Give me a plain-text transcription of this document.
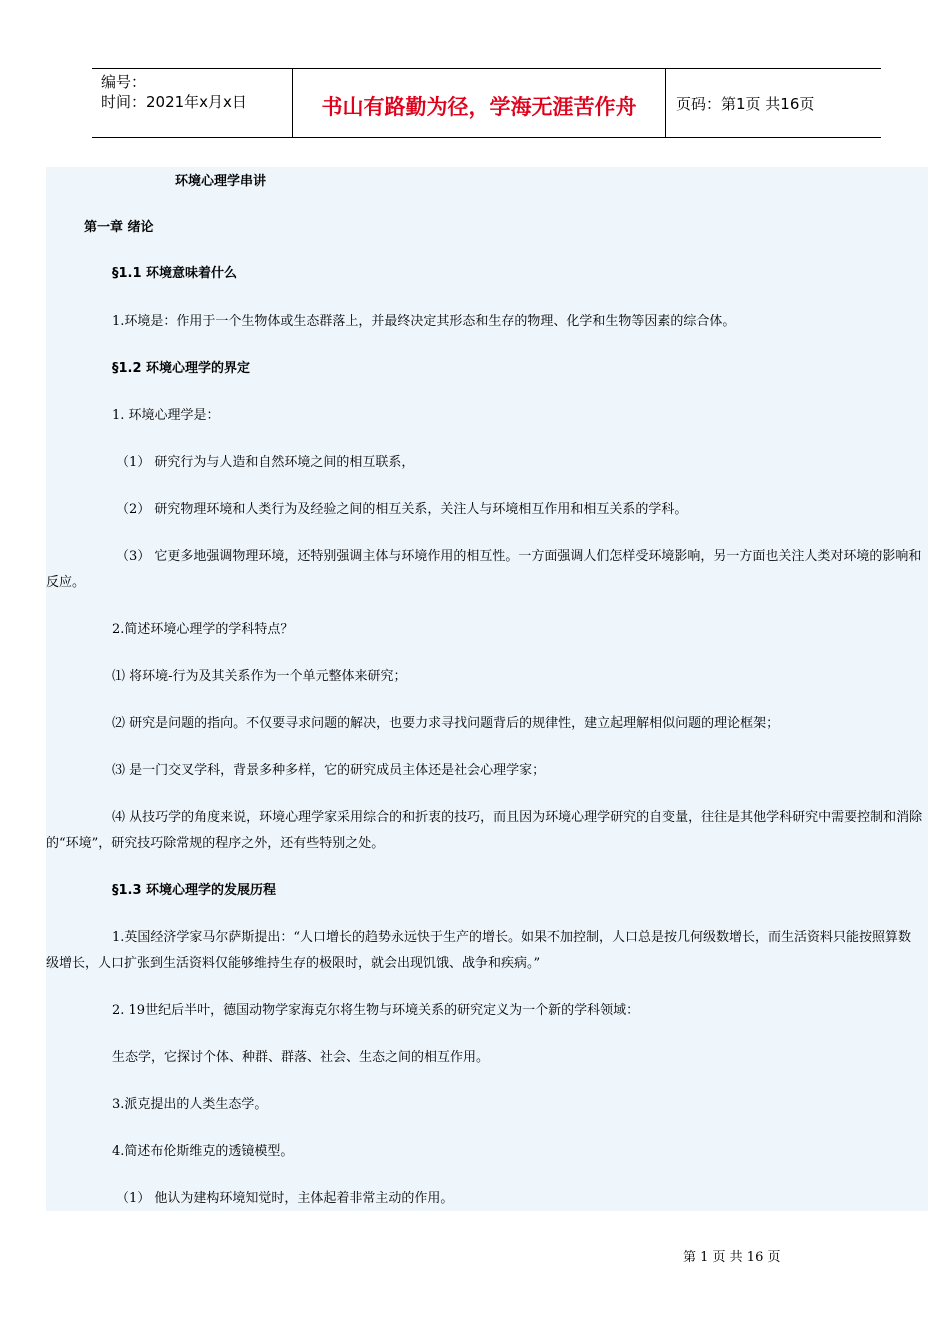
编号：
时间：2021年x月x日	书山有路勤为径，学海无涯苦作舟	页码：第1页 共16页
环境心理学串讲
第一章 绪论
§1.1 环境意味着什么
1.环境是：作用于一个生物体或生态群落上，并最终决定其形态和生存的物理、化学和生物等因素的综合体。
§1.2 环境心理学的界定
1. 环境心理学是：
（1） 研究行为与人造和自然环境之间的相互联系，
（2） 研究物理环境和人类行为及经验之间的相互关系，关注人与环境相互作用和相互关系的学科。
（3） 它更多地强调物理环境，还特别强调主体与环境作用的相互性。一方面强调人们怎样受环境影响，另一方面也关注人类对环境的影响和反应。
2.简述环境心理学的学科特点？
⑴ 将环境-行为及其关系作为一个单元整体来研究；
⑵ 研究是问题的指向。不仅要寻求问题的解决，也要力求寻找问题背后的规律性，建立起理解相似问题的理论框架；
⑶ 是一门交叉学科，背景多种多样，它的研究成员主体还是社会心理学家；
⑷ 从技巧学的角度来说，环境心理学家采用综合的和折衷的技巧，而且因为环境心理学研究的自变量，往往是其他学科研究中需要控制和消除的“环境”，研究技巧除常规的程序之外，还有些特别之处。
§1.3 环境心理学的发展历程
1.英国经济学家马尔萨斯提出：“人口增长的趋势永远快于生产的增长。如果不加控制，人口总是按几何级数增长，而生活资料只能按照算数级增长，人口扩张到生活资料仅能够维持生存的极限时，就会出现饥饿、战争和疾病。”
2. 19世纪后半叶，德国动物学家海克尔将生物与环境关系的研究定义为一个新的学科领域：
生态学，它探讨个体、种群、群落、社会、生态之间的相互作用。
3.派克提出的人类生态学。
4.简述布伦斯维克的透镜模型。
（1） 他认为建构环境知觉时，主体起着非常主动的作用。
第 1 页 共 16 页
